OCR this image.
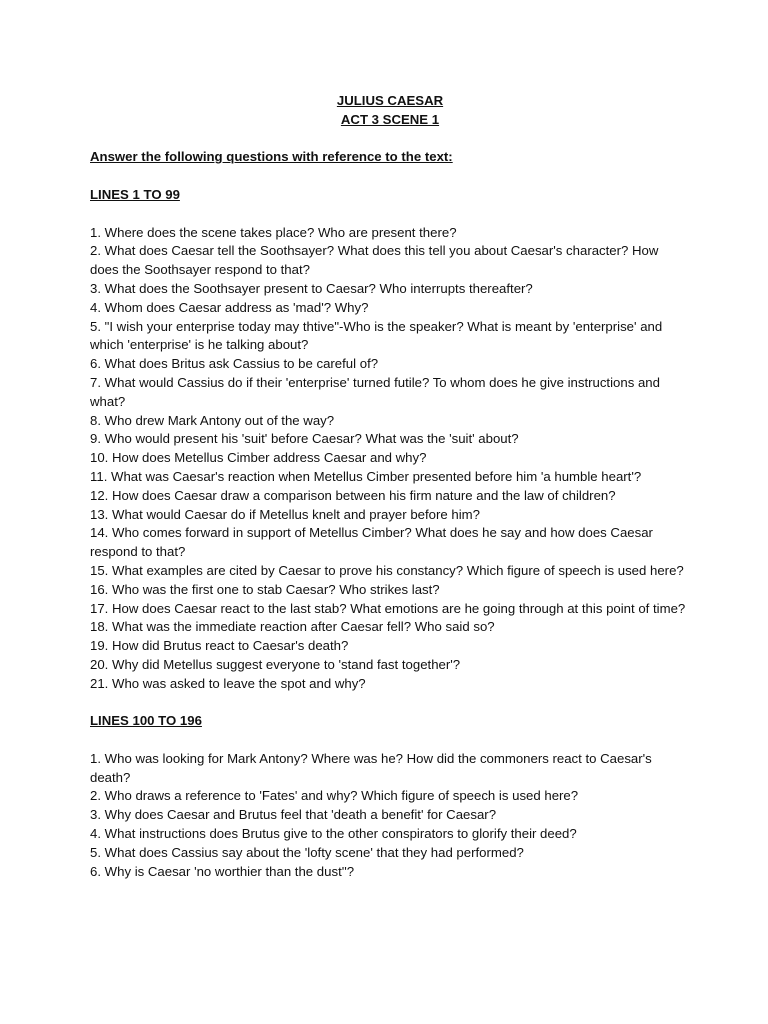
JULIUS CAESAR

ACT 3 SCENE 1

Answer the following questions with reference to the text:

LINES 1 TO 99

1. Where does the scene takes place? Who are present there?
2. What does Caesar tell the Soothsayer? What does this tell you about Caesar's character? How does the Soothsayer respond to that?
3. What does the Soothsayer present to Caesar? Who interrupts thereafter?
4. Whom does Caesar address as 'mad'? Why?
5. "I wish your enterprise today may thtive"-Who is the speaker? What is meant by 'enterprise' and which 'enterprise' is he talking about?
6. What does Britus ask Cassius to be careful of?
7. What would Cassius do if their 'enterprise' turned futile? To whom does he give instructions and what?
8. Who drew Mark Antony out of the way?
9. Who would present his 'suit' before Caesar? What was the 'suit' about?
10. How does Metellus Cimber address Caesar and why?
11. What was Caesar's reaction when Metellus Cimber presented before him 'a humble heart'?
12. How does Caesar draw a comparison between his firm nature and the law of children?
13. What would Caesar do if Metellus knelt and prayer before him?
14. Who comes forward in support of Metellus Cimber? What does he say and how does Caesar respond to that?
15. What examples are cited by Caesar to prove his constancy? Which figure of speech is used here?
16. Who was the first one to stab Caesar? Who strikes last?
17. How does Caesar react to the last stab? What emotions are he going through at this point of time?
18. What was the immediate reaction after Caesar fell? Who said so?
19. How did Brutus react to Caesar's death?
20. Why did Metellus suggest everyone to 'stand fast together'?
21. Who was asked to leave the spot and why?

LINES 100 TO 196

1. Who was looking for Mark Antony? Where was he? How did the commoners react to Caesar's death?
2. Who draws a reference to 'Fates' and why? Which figure of speech is used here?
3. Why does Caesar and Brutus feel that 'death a benefit' for Caesar?
4. What instructions does Brutus give to the other conspirators to glorify their deed?
5. What does Cassius say about the 'lofty scene' that they had performed?
6. Why is Caesar 'no worthier than the dust''?
